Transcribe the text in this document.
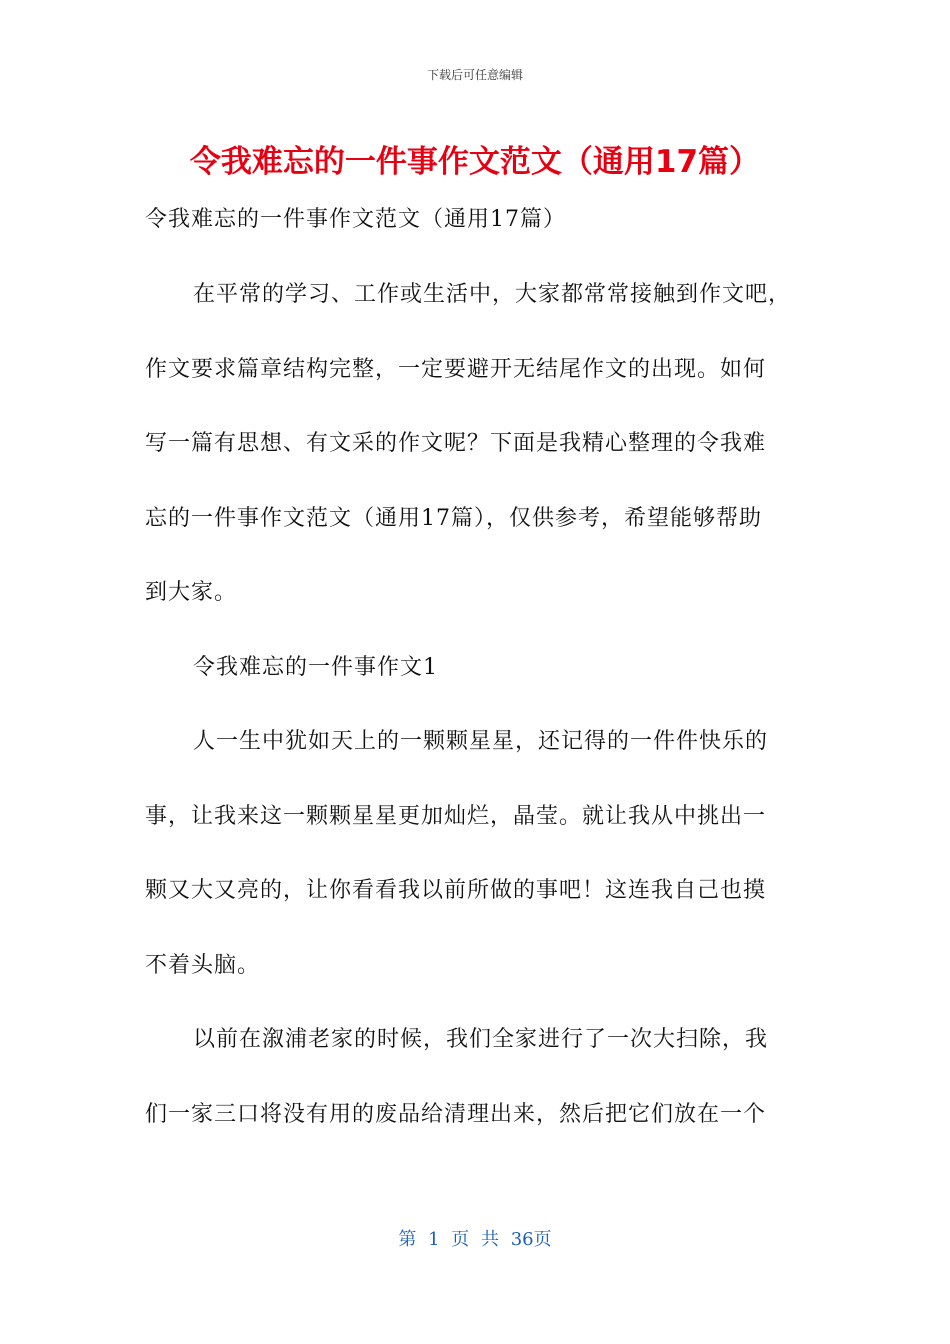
下载后可任意编辑
令我难忘的一件事作文范文（通用17篇）

令我难忘的一件事作文范文（通用17篇）

在平常的学习、工作或生活中，大家都常常接触到作文吧，

作文要求篇章结构完整，一定要避开无结尾作文的出现。如何

写一篇有思想、有文采的作文呢？下面是我精心整理的令我难

忘的一件事作文范文（通用17篇），仅供参考，希望能够帮助

到大家。

令我难忘的一件事作文1

人一生中犹如天上的一颗颗星星，还记得的一件件快乐的

事，让我来这一颗颗星星更加灿烂，晶莹。就让我从中挑出一

颗又大又亮的，让你看看我以前所做的事吧！这连我自己也摸

不着头脑。

以前在溆浦老家的时候，我们全家进行了一次大扫除，我

们一家三口将没有用的废品给清理出来，然后把它们放在一个

第 1 页 共 36页
